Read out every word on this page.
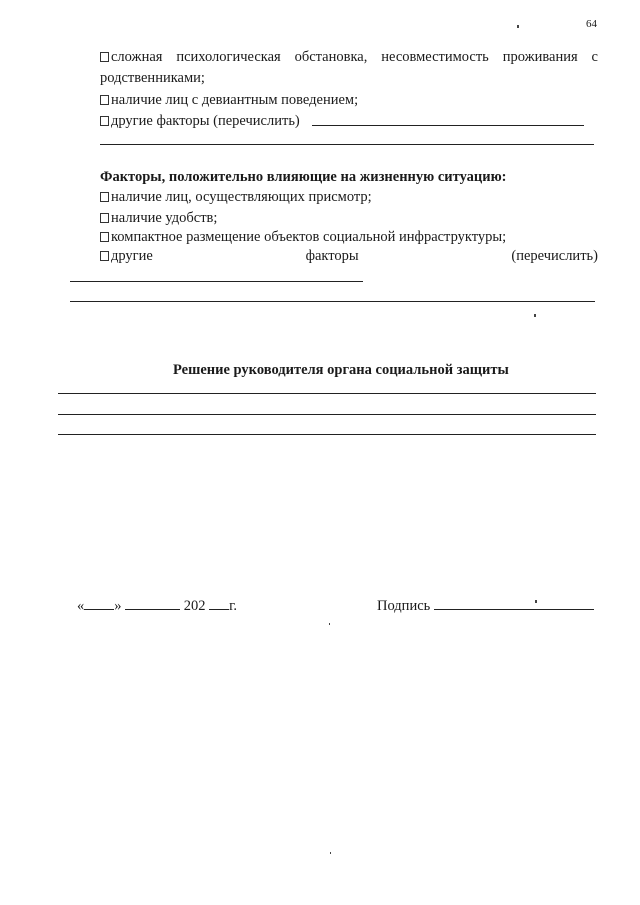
64
сложная психологическая обстановка, несовместимость проживания с
родственниками;
наличие лиц с девиантным поведением;
другие факторы (перечислить)
Факторы, положительно влияющие на жизненную ситуацию:
наличие лиц, осуществляющих присмотр;
наличие удобств;
компактное размещение объектов социальной инфраструктуры;
другие	факторы	(перечислить)
Решение руководителя органа социальной защиты
« »	202 г.	Подпись
